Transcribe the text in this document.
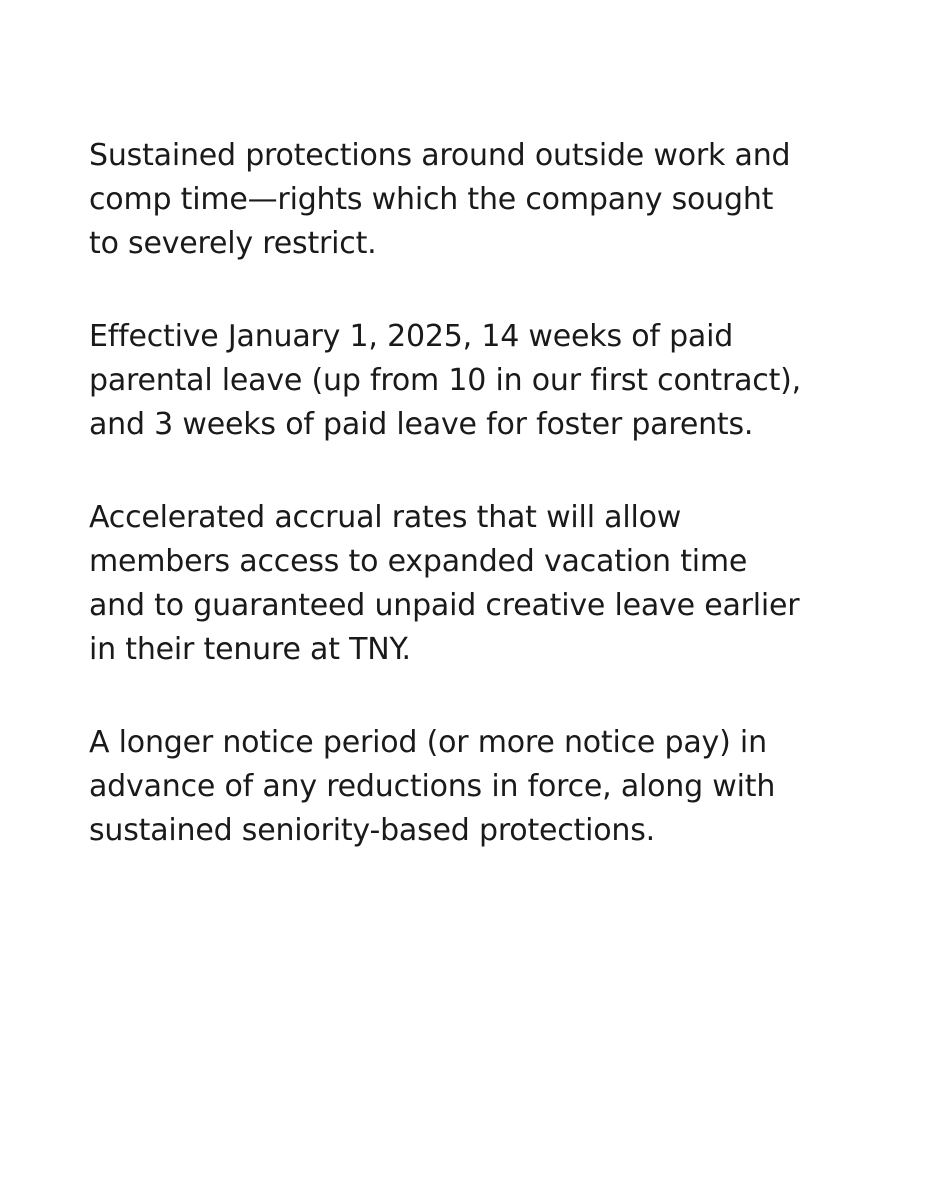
Sustained protections around outside work and
comp time—rights which the company sought
to severely restrict.

Effective January 1, 2025, 14 weeks of paid
parental leave (up from 10 in our first contract),
and 3 weeks of paid leave for foster parents.

Accelerated accrual rates that will allow
members access to expanded vacation time
and to guaranteed unpaid creative leave earlier
in their tenure at TNY.

A longer notice period (or more notice pay) in
advance of any reductions in force, along with
sustained seniority-based protections.
